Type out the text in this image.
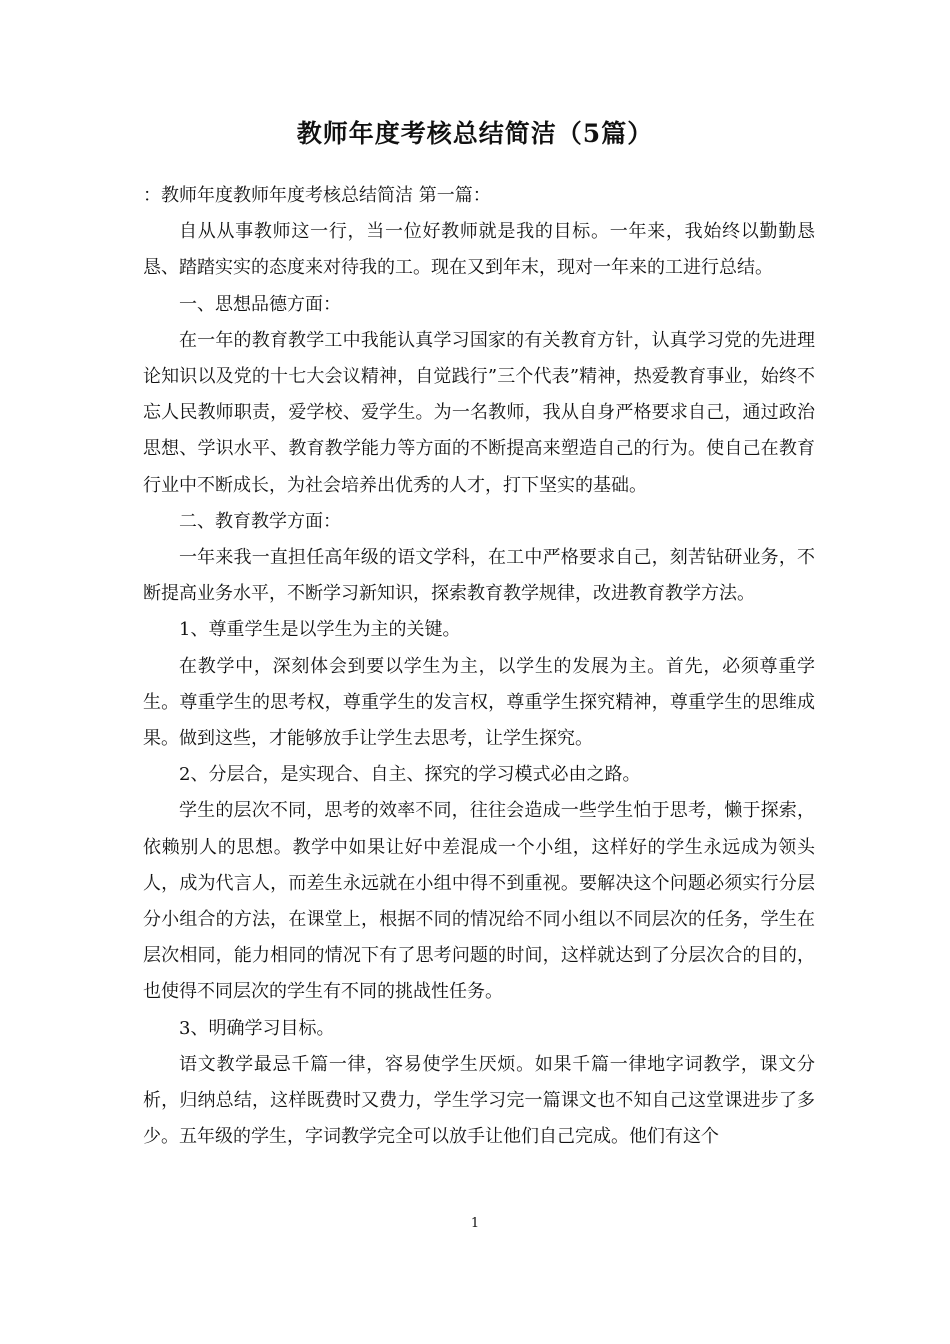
教师年度考核总结简洁（5篇）

：教师年度教师年度考核总结简洁 第一篇：

自从从事教师这一行，当一位好教师就是我的目标。一年来，我始终以勤勤恳恳、踏踏实实的态度来对待我的工。现在又到年末，现对一年来的工进行总结。

一、思想品德方面：

在一年的教育教学工中我能认真学习国家的有关教育方针，认真学习党的先进理论知识以及党的十七大会议精神，自觉践行”三个代表”精神，热爱教育事业，始终不忘人民教师职责，爱学校、爱学生。为一名教师，我从自身严格要求自己，通过政治思想、学识水平、教育教学能力等方面的不断提高来塑造自己的行为。使自己在教育行业中不断成长，为社会培养出优秀的人才，打下坚实的基础。

二、教育教学方面：

一年来我一直担任高年级的语文学科，在工中严格要求自己，刻苦钻研业务，不断提高业务水平，不断学习新知识，探索教育教学规律，改进教育教学方法。

1、尊重学生是以学生为主的关键。

在教学中，深刻体会到要以学生为主，以学生的发展为主。首先，必须尊重学生。尊重学生的思考权，尊重学生的发言权，尊重学生探究精神，尊重学生的思维成果。做到这些，才能够放手让学生去思考，让学生探究。

2、分层合，是实现合、自主、探究的学习模式必由之路。

学生的层次不同，思考的效率不同，往往会造成一些学生怕于思考，懒于探索，依赖别人的思想。教学中如果让好中差混成一个小组，这样好的学生永远成为领头人，成为代言人，而差生永远就在小组中得不到重视。要解决这个问题必须实行分层分小组合的方法，在课堂上，根据不同的情况给不同小组以不同层次的任务，学生在层次相同，能力相同的情况下有了思考问题的时间，这样就达到了分层次合的目的，也使得不同层次的学生有不同的挑战性任务。

3、明确学习目标。

语文教学最忌千篇一律，容易使学生厌烦。如果千篇一律地字词教学，课文分析，归纳总结，这样既费时又费力，学生学习完一篇课文也不知自己这堂课进步了多少。五年级的学生，字词教学完全可以放手让他们自己完成。他们有这个

1
